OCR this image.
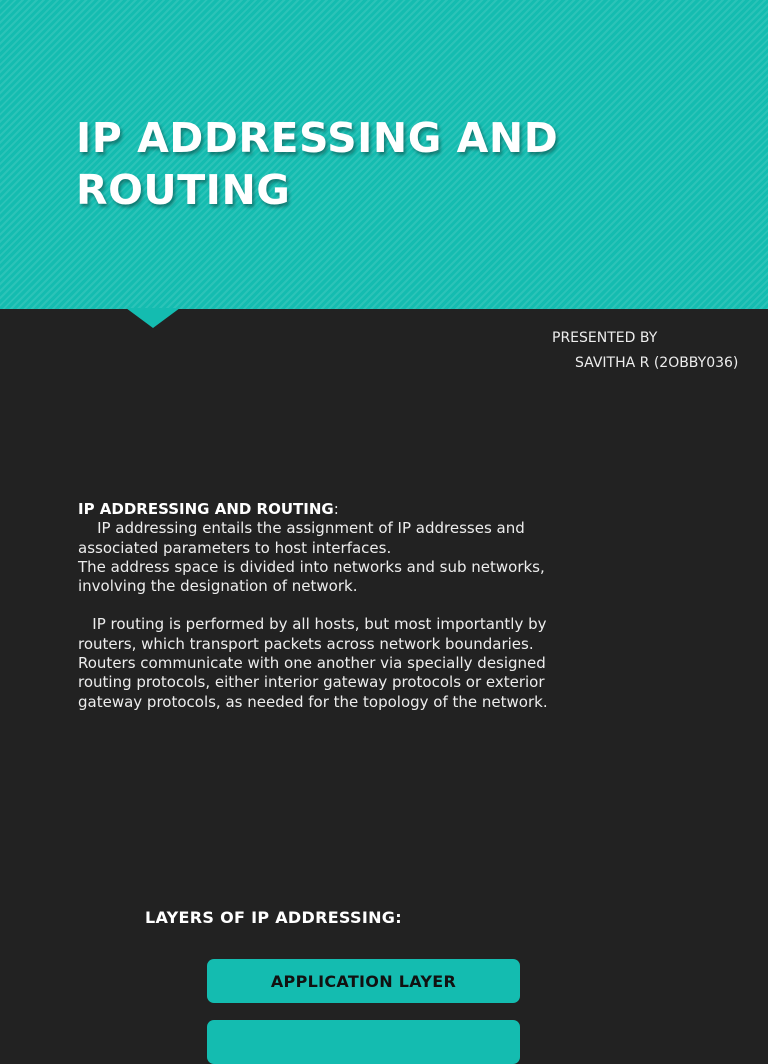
IP ADDRESSING AND
ROUTING
PRESENTED BY
SAVITHA R (2OBBY036)

IP ADDRESSING AND ROUTING:

IP addressing entails the assignment of IP addresses and

associated parameters to host interfaces.

The address space is divided into networks and sub networks,

involving the designation of network.

IP routing is performed by all hosts, but most importantly by

routers, which transport packets across network boundaries.

Routers communicate with one another via specially designed

routing protocols, either interior gateway protocols or exterior

gateway protocols, as needed for the topology of the network.

LAYERS OF IP ADDRESSING:
APPLICATION LAYER
